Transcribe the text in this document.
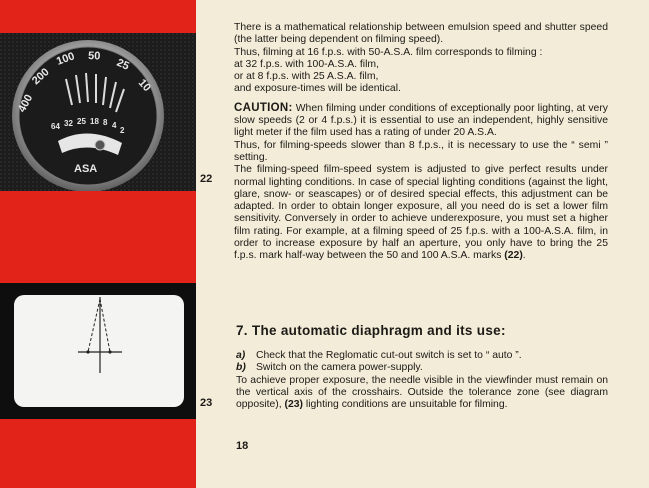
400
200
100 50
25
10
64 32 25 18 8 4
2
ASA
22
23

There is a mathematical relationship between emulsion speed and shutter speed (the latter being dependent on filming speed).

Thus, filming at 16 f.p.s. with 50-A.S.A. film corresponds to filming :

at 32 f.p.s. with 100-A.S.A. film,

or at 8 f.p.s. with 25 A.S.A. film,

and exposure-times will be identical.

CAUTION: When filming under conditions of exceptionally poor lighting, at very slow speeds (2 or 4 f.p.s.) it is essential to use an independent, highly sensitive light meter if the film used has a rating of under 20 A.S.A.

Thus, for filming-speeds slower than 8 f.p.s., it is necessary to use the “ semi ” setting.

The filming-speed film-speed system is adjusted to give perfect results under normal lighting conditions. In case of special lighting conditions (against the light, glare, snow- or seascapes) or of desired special effects, this adjustment can be adapted. In order to obtain longer exposure, all you need do is set a lower film sensitivity. Conversely in order to achieve underexposure, you must set a higher film rating. For example, at a filming speed of 25 f.p.s. with a 100-A.S.A. film, in order to increase exposure by half an aperture, you only have to bring the 25 f.p.s. mark half-way between the 50 and 100 A.S.A. marks (22).

7. The automatic diaphragm and its use:

a) Check that the Reglomatic cut-out switch is set to “ auto ”.

b) Switch on the camera power-supply.

To achieve proper exposure, the needle visible in the viewfinder must remain on the vertical axis of the crosshairs. Outside the tolerance zone (see diagram opposite), (23) lighting conditions are unsuitable for filming.

18
